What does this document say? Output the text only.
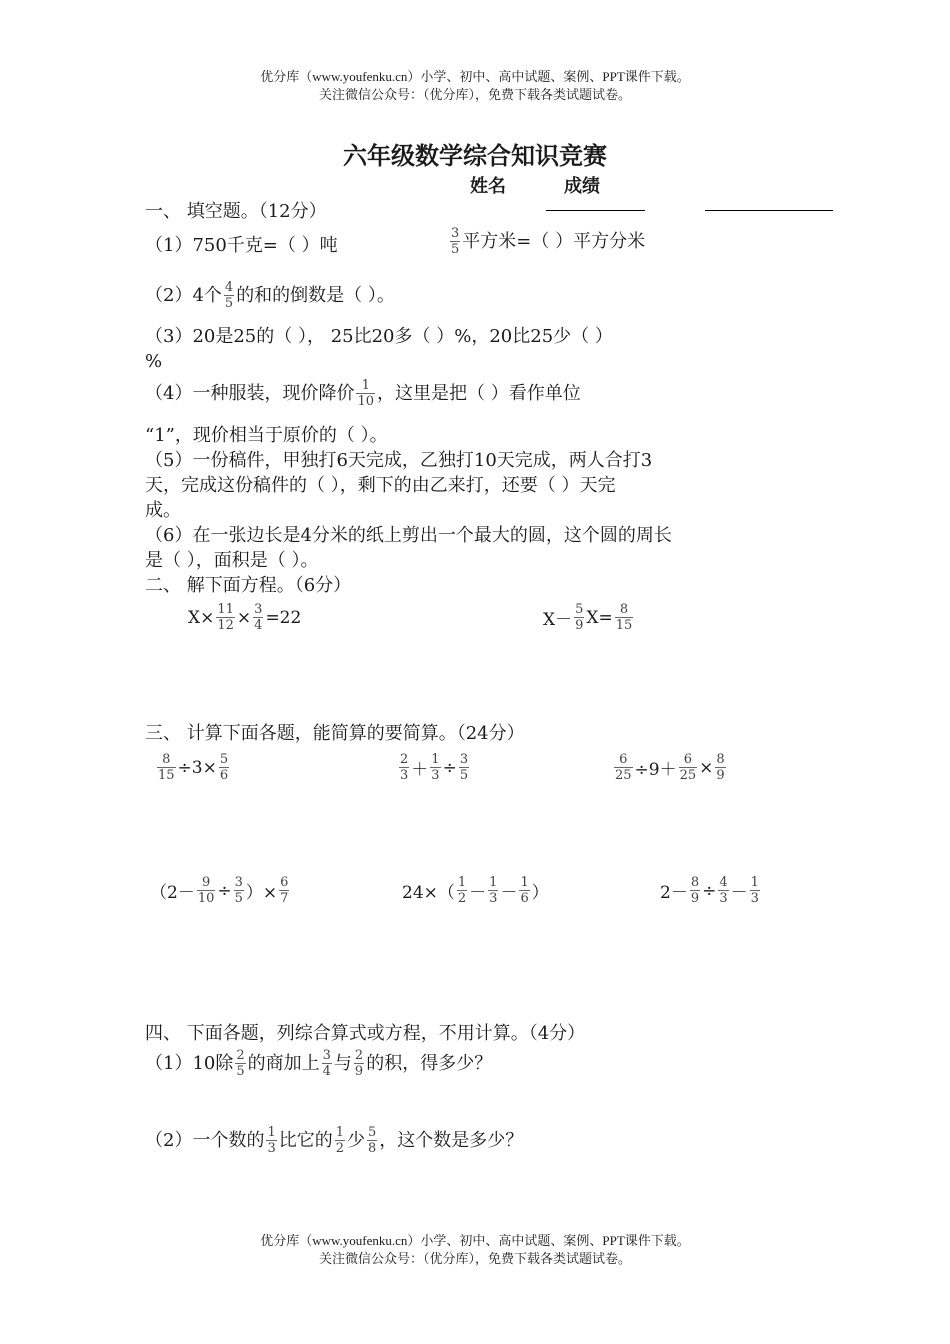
优分库（www.youfenku.cn）小学、初中、高中试题、案例、PPT课件下载。
关注微信公众号：（优分库），免费下载各类试题试卷。
六年级数学综合知识竞赛
姓名	成绩
一、 填空题。（12分）
（1）750千克=（ ）吨	$\frac{3}{5}$ 平方米=（ ）平方分米
（2）4个 $\frac{4}{5}$ 的和的倒数是（ ）。
（3）20是25的（ ）， 25比20多（ ）%，20比25少（ ）
%
（4）一种服装，现价降价 $\frac{1}{10}$ ，这里是把（ ）看作单位
“1”，现价相当于原价的（ ）。
（5）一份稿件，甲独打6天完成，乙独打10天完成，两人合打3
天，完成这份稿件的（ ），剩下的由乙来打，还要（ ）天完
成。
（6）在一张边长是4分米的纸上剪出一个最大的圆，这个圆的周长
是（ ），面积是（ ）。
二、 解下面方程。（6分）
$X\times \frac{11}{12} \times \frac{3}{4} =22$	$X- \frac{5}{9} X= \frac{8}{15}$
三、 计算下面各题，能简算的要简算。（24分）
$\frac{8}{15} \div 3\times \frac{5}{6}$	$\frac{2}{3} + \frac{1}{3} \div \frac{3}{5}$	$\frac{6}{25} \div 9+ \frac{6}{25} \times \frac{8}{9}$
（$2- \frac{9}{10} \div \frac{3}{5}$ ）× $\frac{6}{7}$	$24\times( \frac{1}{2} - \frac{1}{3} - \frac{1}{6}$ ）	$2- \frac{8}{9} \div \frac{4}{3} - \frac{1}{3}$
四、 下面各题，列综合算式或方程，不用计算。（4分）
（1）10除 $\frac{2}{5}$ 的商加上 $\frac{3}{4}$ 与 $\frac{2}{9}$ 的积，得多少？
（2）一个数的 $\frac{1}{3}$ 比它的 $\frac{1}{2}$ 少 $\frac{5}{8}$ ，这个数是多少？
优分库（www.youfenku.cn）小学、初中、高中试题、案例、PPT课件下载。
关注微信公众号：（优分库），免费下载各类试题试卷。
